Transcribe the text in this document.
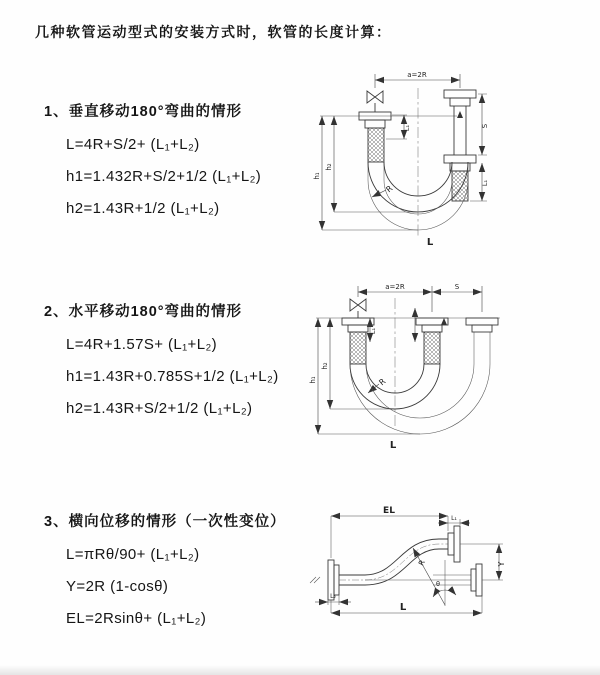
几种软管运动型式的安装方式时，软管的长度计算：
1、垂直移动180°弯曲的情形
L=4R+S/2+ (L₁+L₂)
h1=1.432R+S/2+1/2 (L₁+L₂)
h2=1.43R+1/2 (L₁+L₂)
2、水平移动180°弯曲的情形
L=4R+1.57S+ (L₁+L₂)
h1=1.43R+0.785S+1/2 (L₁+L₂)
h2=1.43R+S/2+1/2 (L₁+L₂)
3、横向位移的情形（一次性变位）
L=πRθ/90+ (L₁+L₂)
Y=2R (1-cosθ)
EL=2Rsinθ+ (L₁+L₂)
a=2R
h₁
h₂
S
L₁
L₁
R
L
a=2R	S
h₁
h₂
L₁
R
L
EL
L₁
L₂
Y
R
θ
L
